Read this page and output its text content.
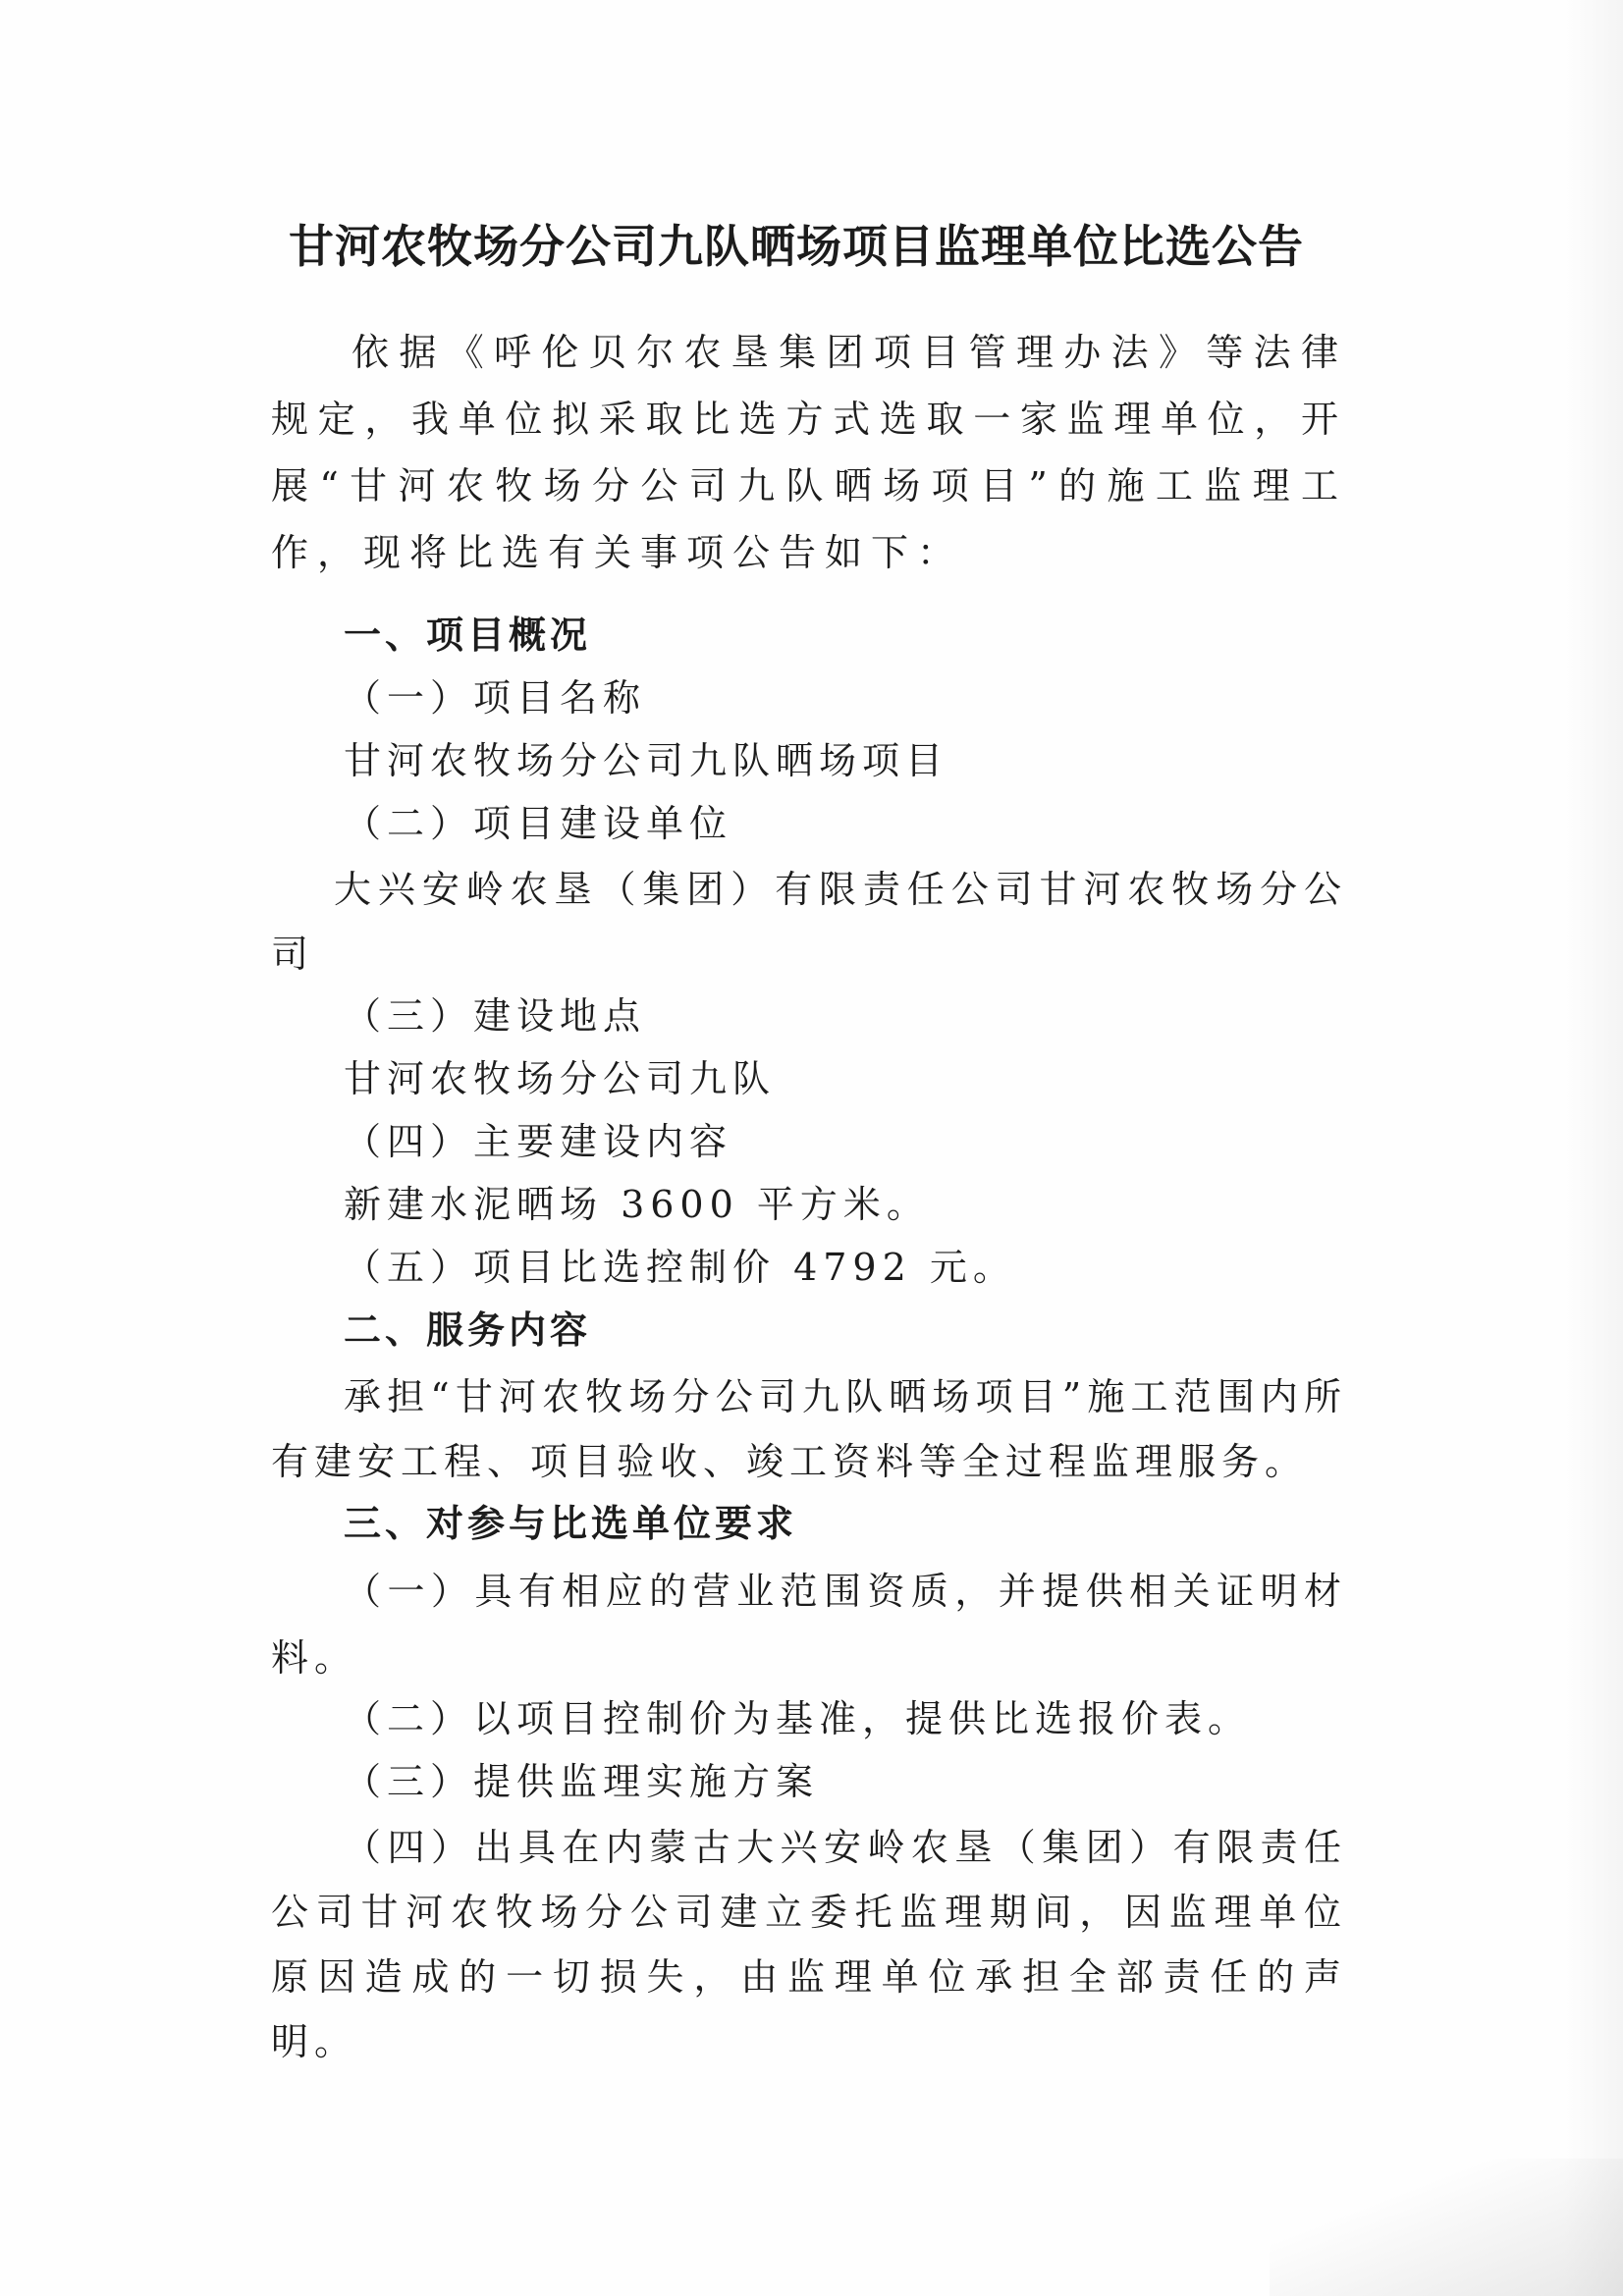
甘河农牧场分公司九队晒场项目监理单位比选公告
依据《呼伦贝尔农垦集团项目管理办法》等法律规定，我单位拟采取比选方式选取一家监理单位，开展“甘河农牧场分公司九队晒场项目”的施工监理工作，现将比选有关事项公告如下：
一、项目概况
（一）项目名称
甘河农牧场分公司九队晒场项目
（二）项目建设单位
大兴安岭农垦（集团）有限责任公司甘河农牧场分公司
（三）建设地点
甘河农牧场分公司九队
（四）主要建设内容
新建水泥晒场 3600 平方米。
（五）项目比选控制价 4792 元。
二、服务内容
承担“甘河农牧场分公司九队晒场项目”施工范围内所有建安工程、项目验收、竣工资料等全过程监理服务。
三、对参与比选单位要求
（一）具有相应的营业范围资质，并提供相关证明材料。
（二）以项目控制价为基准，提供比选报价表。
（三）提供监理实施方案
（四）出具在内蒙古大兴安岭农垦（集团）有限责任公司甘河农牧场分公司建立委托监理期间，因监理单位原因造成的一切损失，由监理单位承担全部责任的声明。
